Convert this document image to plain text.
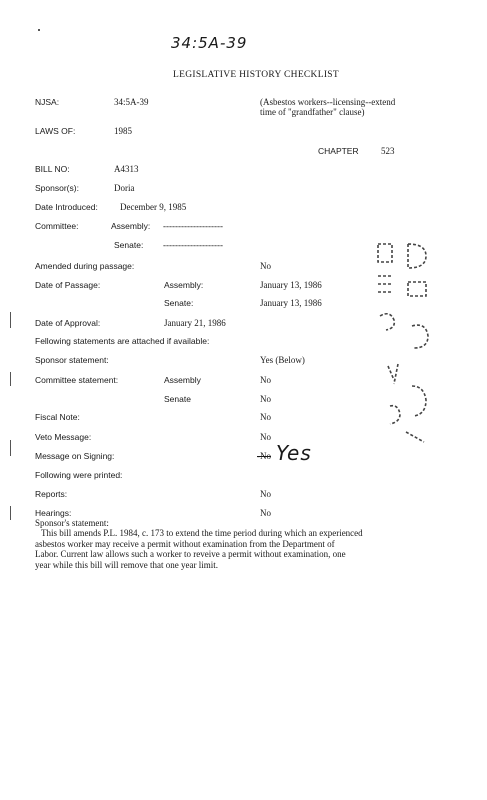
34:5A-39
LEGISLATIVE HISTORY CHECKLIST
NJSA:	34:5A-39	(Asbestos workers--licensing--extend
time of "grandfather" clause)
LAWS OF:	1985
CHAPTER 523
BILL NO:	A4313
Sponsor(s):	Doria
Date Introduced: December 9, 1985
Committee:	Assembly: --------------------
Senate: --------------------
Amended during passage:	No
Date of Passage:	Assembly:	January 13, 1986
Senate:	January 13, 1986
Date of Approval:	January 21, 1986
Fellowing statements are attached if available:
Sponsor statement:	Yes (Below)
Committee statement:	Assembly	No
Senate	No
Fiscal Note:	No
Veto Message:	No
Message on Signing:	-No Yes
Following were printed:
Reports:	No
Hearings:	No
Sponsor's statement:
This bill amends P.L. 1984, c. 173 to extend the time period during which an experienced
asbestos worker may receive a permit without examination from the Department of
Labor. Current law allows such a worker to reveive a permit without examination, one
year while this bill will remove that one year limit.
